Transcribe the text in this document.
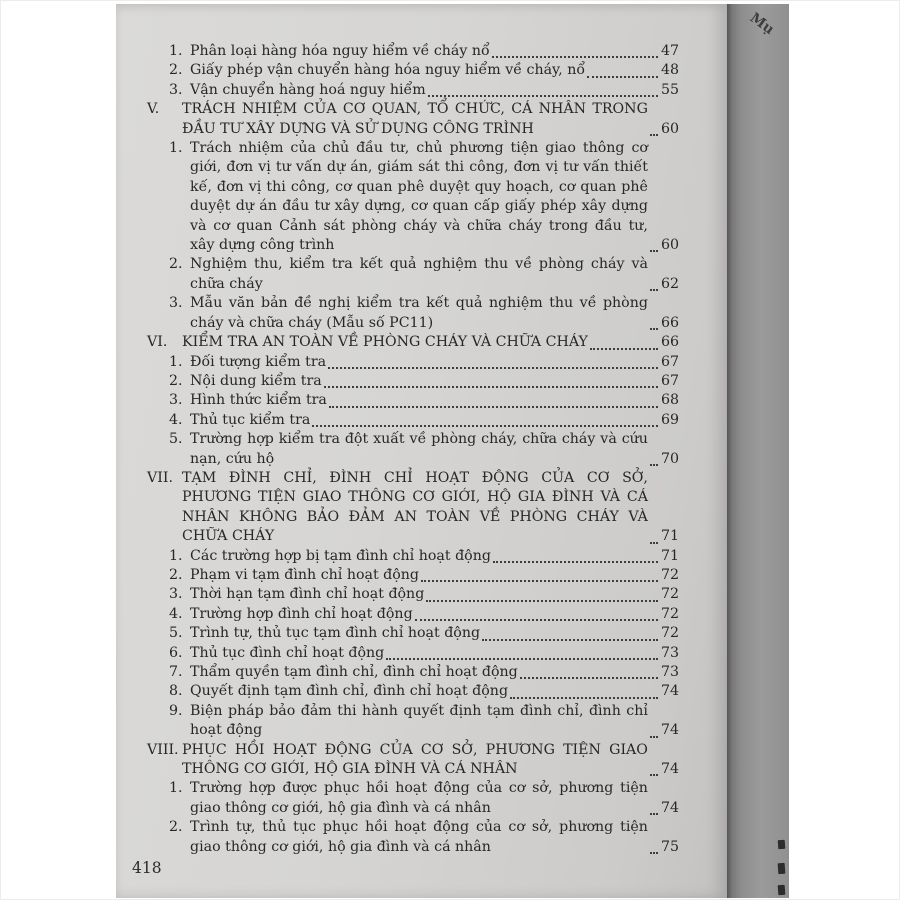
1. Phân loại hàng hóa nguy hiểm về cháy nổ	47
2. Giấy phép vận chuyển hàng hóa nguy hiểm về cháy, nổ	48
3. Vận chuyển hàng hoá nguy hiểm	55
V.	TRÁCH NHIỆM CỦA CƠ QUAN, TỔ CHỨC, CÁ NHÂN TRONG ĐẦU TƯ XÂY DỰNG VÀ SỬ DỤNG CÔNG TRÌNH	60
1. Trách nhiệm của chủ đầu tư, chủ phương tiện giao thông cơ giới, đơn vị tư vấn dự án, giám sát thi công, đơn vị tư vấn thiết kế, đơn vị thi công, cơ quan phê duyệt quy hoạch, cơ quan phê duyệt dự án đầu tư xây dựng, cơ quan cấp giấy phép xây dựng và cơ quan Cảnh sát phòng cháy và chữa cháy trong đầu tư, xây dựng công trình	60
2. Nghiệm thu, kiểm tra kết quả nghiệm thu về phòng cháy và chữa cháy	62
3. Mẫu văn bản đề nghị kiểm tra kết quả nghiệm thu về phòng cháy và chữa cháy (Mẫu số PC11)	66
VI.	KIỂM TRA AN TOÀN VỀ PHÒNG CHÁY VÀ CHỮA CHÁY	66
1. Đối tượng kiểm tra	67
2. Nội dung kiểm tra	67
3. Hình thức kiểm tra	68
4. Thủ tục kiểm tra	69
5. Trường hợp kiểm tra đột xuất về phòng cháy, chữa cháy và cứu nạn, cứu hộ	70
VII. TẠM ĐÌNH CHỈ, ĐÌNH CHỈ HOẠT ĐỘNG CỦA CƠ SỞ, PHƯƠNG TIỆN GIAO THÔNG CƠ GIỚI, HỘ GIA ĐÌNH VÀ CÁ NHÂN KHÔNG BẢO ĐẢM AN TOÀN VỀ PHÒNG CHÁY VÀ CHỮA CHÁY	71
1. Các trường hợp bị tạm đình chỉ hoạt động	71
2. Phạm vi tạm đình chỉ hoạt động	72
3. Thời hạn tạm đình chỉ hoạt động	72
4. Trường hợp đình chỉ hoạt động	72
5. Trình tự, thủ tục tạm đình chỉ hoạt động	72
6. Thủ tục đình chỉ hoạt động	73
7. Thẩm quyền tạm đình chỉ, đình chỉ hoạt động	73
8. Quyết định tạm đình chỉ, đình chỉ hoạt động	74
9. Biện pháp bảo đảm thi hành quyết định tạm đình chỉ, đình chỉ hoạt động	74
VIII. PHỤC HỒI HOẠT ĐỘNG CỦA CƠ SỞ, PHƯƠNG TIỆN GIAO THÔNG CƠ GIỚI, HỘ GIA ĐÌNH VÀ CÁ NHÂN	74
1. Trường hợp được phục hồi hoạt động của cơ sở, phương tiện giao thông cơ giới, hộ gia đình và cá nhân	74
2. Trình tự, thủ tục phục hồi hoạt động của cơ sở, phương tiện giao thông cơ giới, hộ gia đình và cá nhân	75
418
Mụ
